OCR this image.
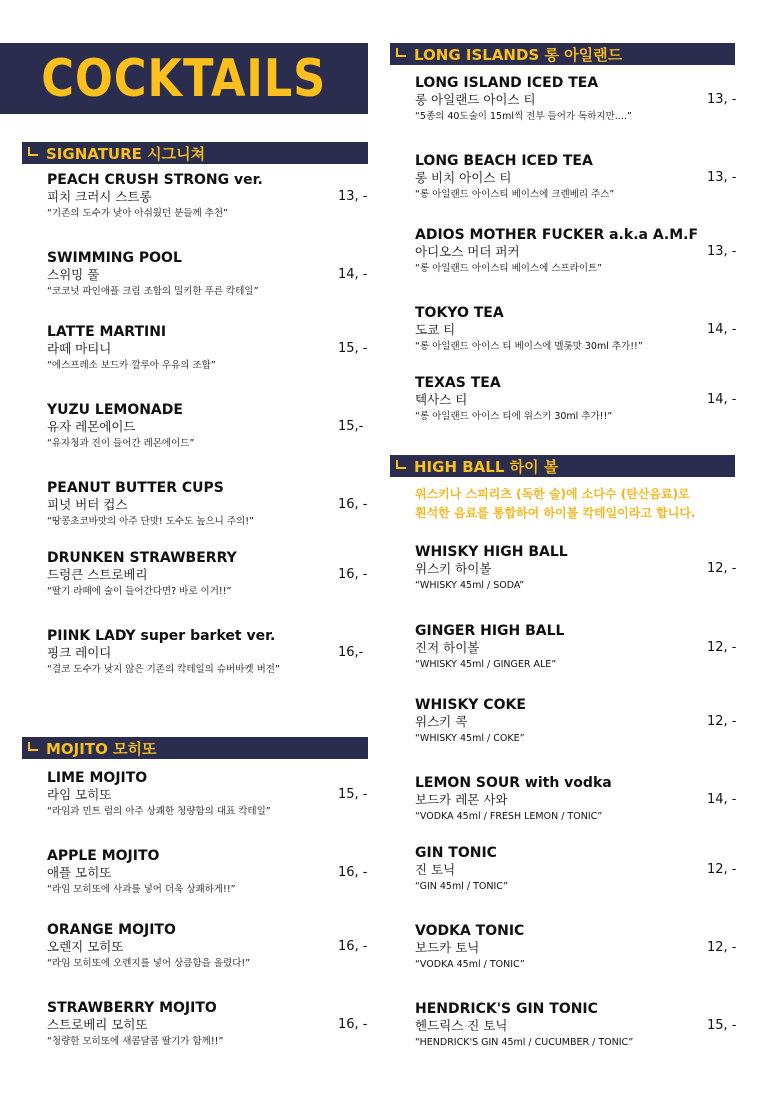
COCKTAILS
SIGNATURE 시그니쳐
MOJITO 모히또
LONG ISLANDS 롱 아일랜드
HIGH BALL 하이 볼
위스키나 스피리츠 (독한 술)에 소다수 (탄산음료)로
흰석한 음료를 통합하여 하이볼 칵테일이라고 합니다.
PEACH CRUSH STRONG ver.
피치 크러시 스트롱
“기존의 도수가 낮아 아쉬웠던 분들께 추천”
13, -
SWIMMING POOL
스위밍 풀
“코코넛 파인애플 크림 조합의 밀키한 푸른 칵테일”
14, -
LATTE MARTINI
라떼 마티니
“에스프레소 보드카 깔루아 우유의 조합”
15, -
YUZU LEMONADE
유자 레몬에이드
“유자청과 진이 들어간 레몬에이드”
15,-
PEANUT BUTTER CUPS
피넛 버터 컵스
“땅콩초코바맛의 아주 단맛! 도수도 높으니 주의!”
16, -
DRUNKEN STRAWBERRY
드렁큰 스트로베리
“딸기 라떼에 술이 들어간다면? 바로 이거!!”
16, -
PIINK LADY super barket ver.
핑크 레이디
“결코 도수가 낮지 않은 기존의 칵테일의 슈버바켓 버전”
16,-
LIME MOJITO
라임 모히또
“라임과 민트 럼의 아주 상쾌한 청량함의 대표 칵테일”
15, -
APPLE MOJITO
애플 모히또
“라임 모히또에 사과를 넣어 더욱 상쾌하게!!”
16, -
ORANGE MOJITO
오렌지 모히또
“라임 모히또에 오렌지를 넣어 상큼함을 올렸다!”
16, -
STRAWBERRY MOJITO
스트로베리 모히또
“청량한 모히또에 새콤달콤 딸기가 함께!!”
16, -
LONG ISLAND ICED TEA
롱 아일랜드 아이스 티
“5종의 40도술이 15ml씩 전부 들어가 독하지만....”
13, -
LONG BEACH ICED TEA
롱 비치 아이스 티
“롱 아일랜드 아이스티 베이스에 크렌베리 주스”
13, -
ADIOS MOTHER FUCKER a.k.a A.M.F
아디오스 머더 퍼커
“롱 아일랜드 아이스티 베이스에 스프라이트”
13, -
TOKYO TEA
도쿄 티
“롱 아일랜드 아이스 티 베이스에 멜롯맛 30ml 추가!!”
14, -
TEXAS TEA
텍사스 티
“롱 아일랜드 아이스 티에 위스키 30ml 추가!!”
14, -
WHISKY HIGH BALL
위스키 하이볼
“WHISKY 45ml / SODA”
12, -
GINGER HIGH BALL
진저 하이볼
“WHISKY 45ml / GINGER ALE”
12, -
WHISKY COKE
위스키 콕
“WHISKY 45ml / COKE”
12, -
LEMON SOUR with vodka
보드카 레몬 사와
“VODKA 45ml / FRESH LEMON / TONIC”
14, -
GIN TONIC
진 토닉
“GIN 45ml / TONIC”
12, -
VODKA TONIC
보드카 토닉
“VODKA 45ml / TONIC”
12, -
HENDRICK'S GIN TONIC
헨드릭스 진 토닉
“HENDRICK'S GIN 45ml / CUCUMBER / TONIC”
15, -
